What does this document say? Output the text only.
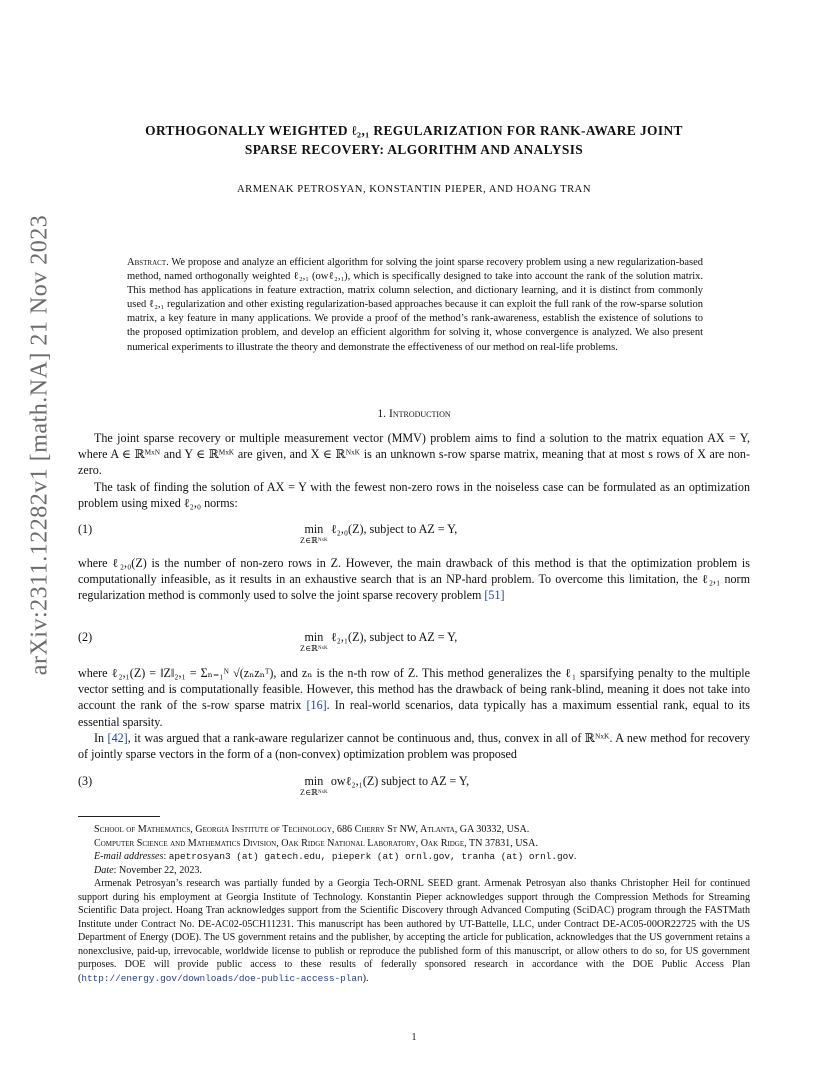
arXiv:2311.12282v1 [math.NA] 21 Nov 2023
ORTHOGONALLY WEIGHTED ℓ₂,₁ REGULARIZATION FOR RANK-AWARE JOINT
SPARSE RECOVERY: ALGORITHM AND ANALYSIS
ARMENAK PETROSYAN, KONSTANTIN PIEPER, AND HOANG TRAN
Abstract. We propose and analyze an efficient algorithm for solving the joint sparse recovery problem using a new regularization-based method, named orthogonally weighted ℓ₂,₁ (owℓ₂,₁), which is specifically designed to take into account the rank of the solution matrix. This method has applications in feature extraction, matrix column selection, and dictionary learning, and it is distinct from commonly used ℓ₂,₁ regularization and other existing regularization-based approaches because it can exploit the full rank of the row-sparse solution matrix, a key feature in many applications. We provide a proof of the method’s rank-awareness, establish the existence of solutions to the proposed optimization problem, and develop an efficient algorithm for solving it, whose convergence is analyzed. We also present numerical experiments to illustrate the theory and demonstrate the effectiveness of our method on real-life problems.
1. Introduction
The joint sparse recovery or multiple measurement vector (MMV) problem aims to find a solution to the matrix equation AX = Y, where A ∈ ℝᴹˣᴺ and Y ∈ ℝᴹˣᴷ are given, and X ∈ ℝᴺˣᴷ is an unknown s-row sparse matrix, meaning that at most s rows of X are non-zero.
The task of finding the solution of AX = Y with the fewest non-zero rows in the noiseless case can be formulated as an optimization problem using mixed ℓ₂,₀ norms:
(1)	min
Z∈ℝᴺˣᴷ
ℓ₂,₀(Z), subject to AZ = Y,
where ℓ₂,₀(Z) is the number of non-zero rows in Z. However, the main drawback of this method is that the optimization problem is computationally infeasible, as it results in an exhaustive search that is an NP-hard problem. To overcome this limitation, the ℓ₂,₁ norm regularization method is commonly used to solve the joint sparse recovery problem [51]
(2)	min
Z∈ℝᴺˣᴷ
ℓ₂,₁(Z), subject to AZ = Y,
where ℓ₂,₁(Z) = ‖Z‖₂,₁ = Σₙ₌₁ᴺ √(zₙzₙᵀ), and zₙ is the n-th row of Z. This method generalizes the ℓ₁ sparsifying penalty to the multiple vector setting and is computationally feasible. However, this method has the drawback of being rank-blind, meaning it does not take into account the rank of the s-row sparse matrix [16]. In real-world scenarios, data typically has a maximum essential rank, equal to its essential sparsity.
In [42], it was argued that a rank-aware regularizer cannot be continuous and, thus, convex in all of ℝᴺˣᴷ. A new method for recovery of jointly sparse vectors in the form of a (non-convex) optimization problem was proposed
(3)	min
Z∈ℝᴺˣᴷ
owℓ₂,₁(Z) subject to AZ = Y,
School of Mathematics, Georgia Institute of Technology, 686 Cherry St NW, Atlanta, GA 30332, USA.
Computer Science and Mathematics Division, Oak Ridge National Laboratory, Oak Ridge, TN 37831, USA.
E-mail addresses: apetrosyan3 (at) gatech.edu, pieperk (at) ornl.gov, tranha (at) ornl.gov.
Date: November 22, 2023.
Armenak Petrosyan’s research was partially funded by a Georgia Tech-ORNL SEED grant. Armenak Petrosyan also thanks Christopher Heil for continued support during his employment at Georgia Institute of Technology. Konstantin Pieper acknowledges support through the Compression Methods for Streaming Scientific Data project. Hoang Tran acknowledges support from the Scientific Discovery through Advanced Computing (SciDAC) program through the FASTMath Institute under Contract No. DE-AC02-05CH11231. This manuscript has been authored by UT-Battelle, LLC, under Contract DE-AC05-00OR22725 with the US Department of Energy (DOE). The US government retains and the publisher, by accepting the article for publication, acknowledges that the US government retains a nonexclusive, paid-up, irrevocable, worldwide license to publish or reproduce the published form of this manuscript, or allow others to do so, for US government purposes. DOE will provide public access to these results of federally sponsored research in accordance with the DOE Public Access Plan (http://energy.gov/downloads/doe-public-access-plan).
1
